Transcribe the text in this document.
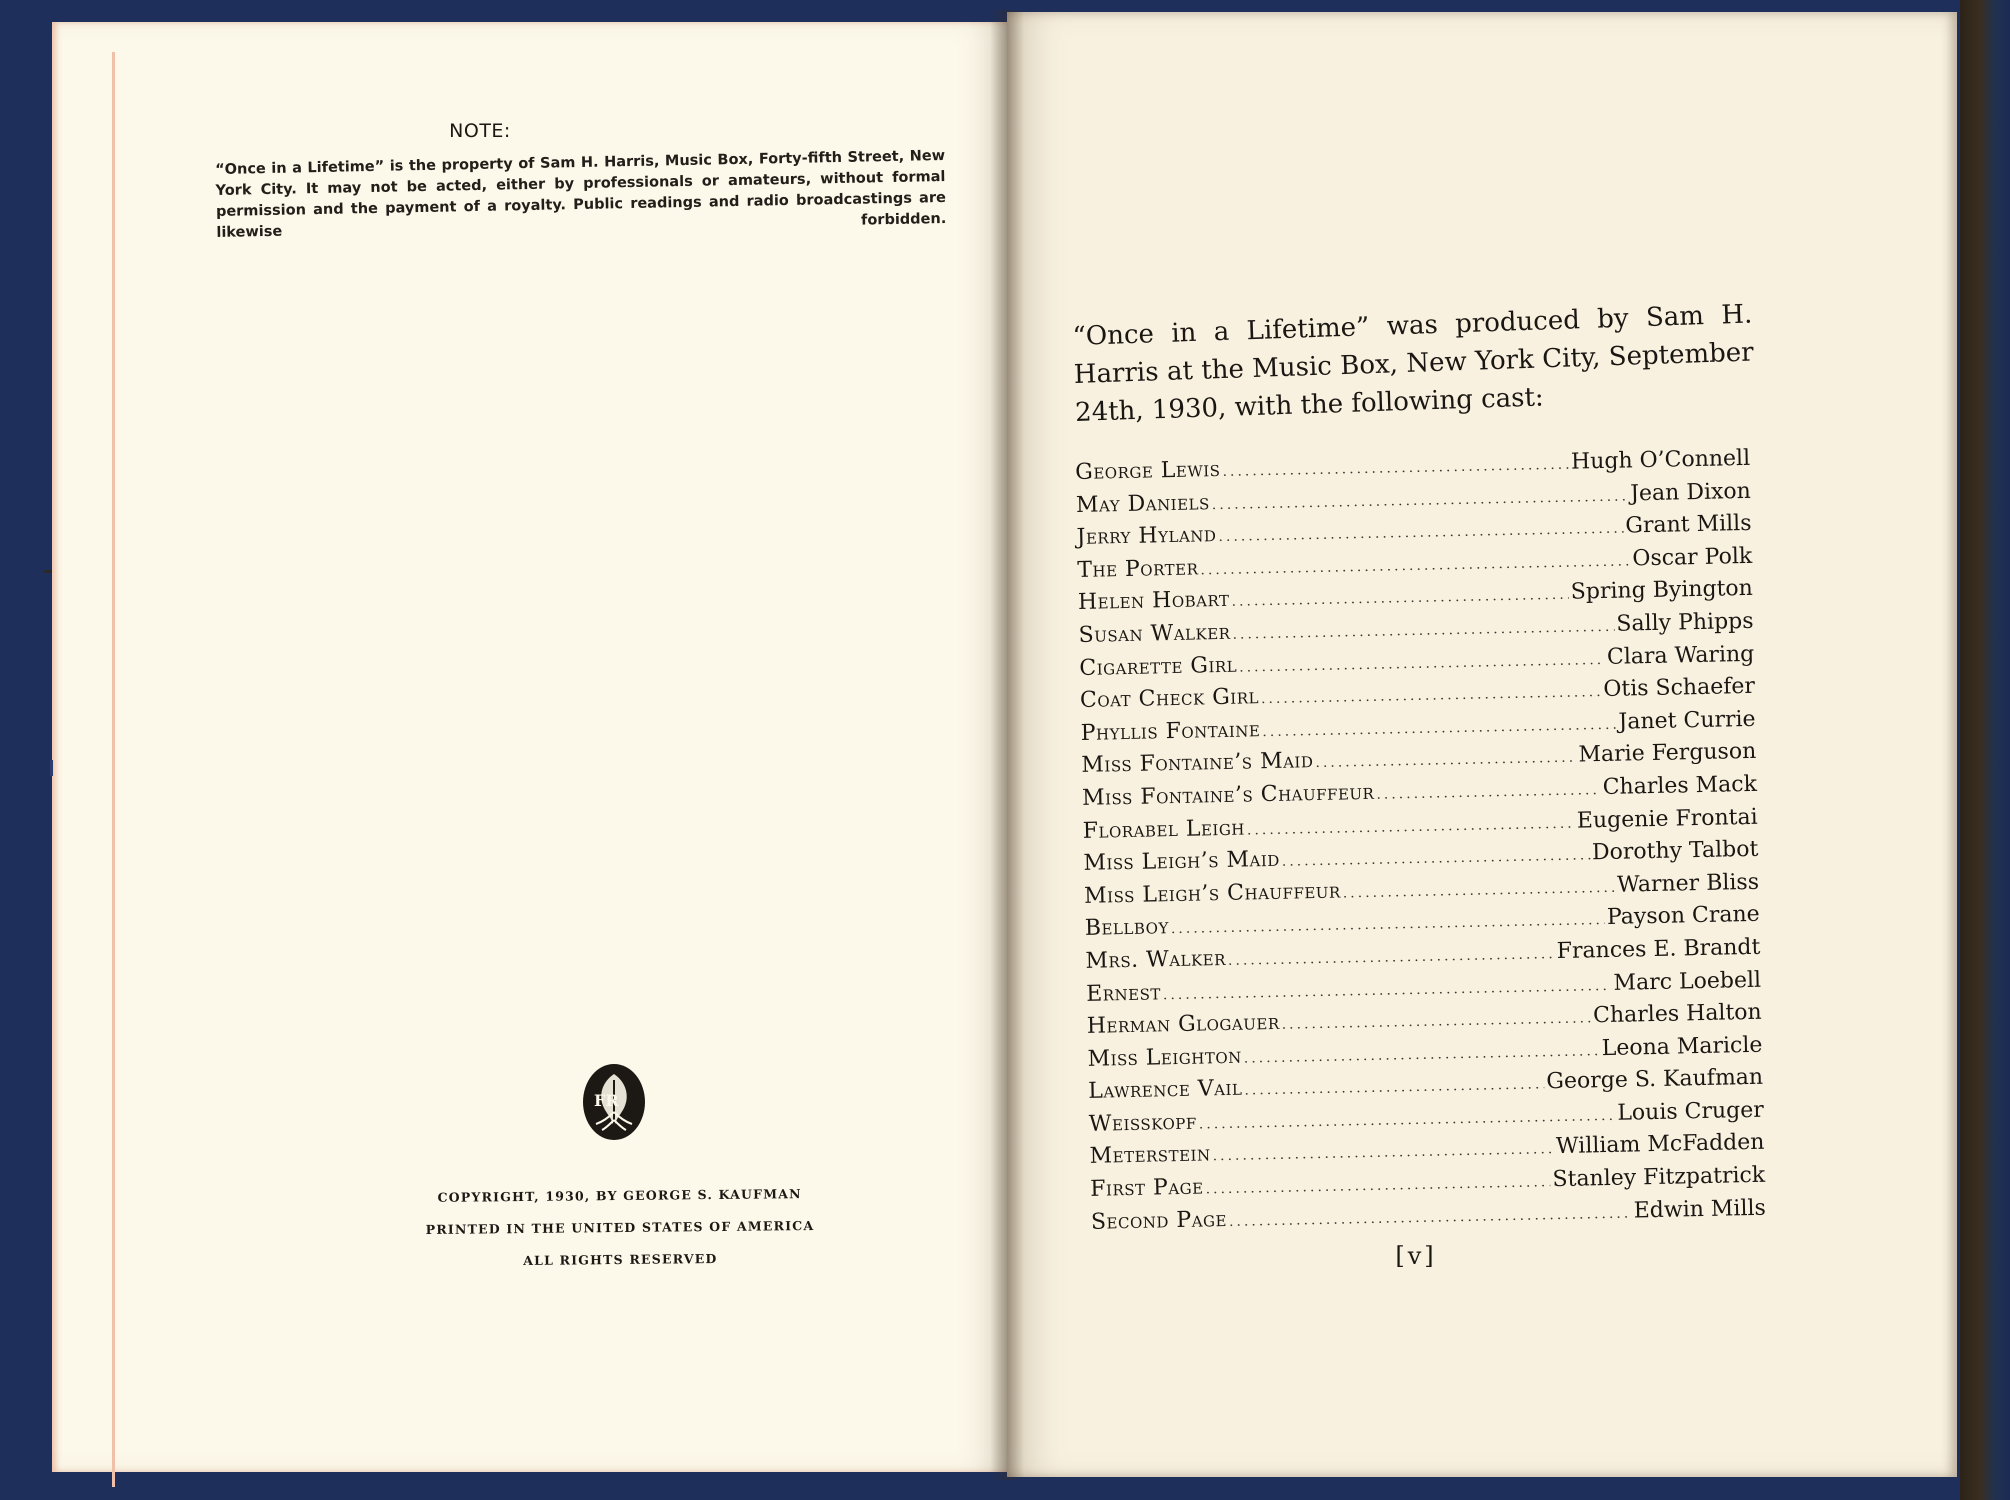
NOTE:
“Once in a Lifetime” is the property of Sam H. Harris, Music Box, Forty-fifth Street, New York City. It may not be acted, either by professionals or amateurs, without formal permission and the payment of a royalty. Public readings and radio broadcastings are likewise forbidden.
FR
COPYRIGHT, 1930, BY GEORGE S. KAUFMAN
PRINTED IN THE UNITED STATES OF AMERICA
ALL RIGHTS RESERVED
“Once in a Lifetime” was produced by Sam H. Harris at the Music Box, New York City, September 24th, 1930, with the following cast:
George Lewis .....	Hugh O’Connell
May Daniels .....	Jean Dixon
Jerry Hyland .....	Grant Mills
The Porter .....	Oscar Polk
Helen Hobart .....	Spring Byington
Susan Walker .....	Sally Phipps
Cigarette Girl .....	Clara Waring
Coat Check Girl .....	Otis Schaefer
Phyllis Fontaine .....	Janet Currie
Miss Fontaine’s Maid .....	Marie Ferguson
Miss Fontaine’s Chauffeur .....	Charles Mack
Florabel Leigh .....	Eugenie Frontai
Miss Leigh’s Maid .....	Dorothy Talbot
Miss Leigh’s Chauffeur .....	Warner Bliss
Bellboy .....	Payson Crane
Mrs. Walker .....	Frances E. Brandt
Ernest .....	Marc Loebell
Herman Glogauer .....	Charles Halton
Miss Leighton .....	Leona Maricle
Lawrence Vail .....	George S. Kaufman
Weisskopf .....	Louis Cruger
Meterstein .....	William McFadden
First Page .....	Stanley Fitzpatrick
Second Page .....	Edwin Mills
[v]
